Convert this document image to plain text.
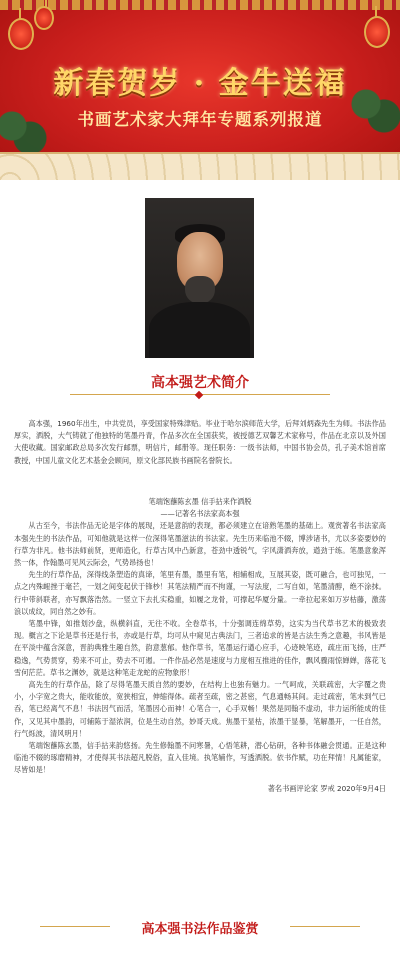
新春贺岁 · 金牛送福
书画艺术家大拜年专题系列报道
高本强艺术简介

高本强，1960年出生，中共党员，享受国家特殊津贴。毕业于哈尔滨师范大学，后拜刘炳森先生为师。书法作品厚实，洒脱，大气铸就了他独特的笔墨丹青，作品多次在全国获奖，被授德艺双馨艺术家称号，作品在北京以及外国大使收藏。国家邮政总局多次发行邮票，明信片，邮册等。现任职务：一级书法师，中国书协会员，孔子美术馆首席教授，中国儿童文化艺术基金会顾问，原文化部民族书画院名誉院长。

笔端饱蘸陈玄墨 信手拈来作洒脱

——记著名书法家高本强

从古至今，书法作品无论是字体的展现，还是意韵的表现，都必须建立在谙熟笔墨的基础上。观赏著名书法家高本强先生的书法作品，可知他就是这样一位深得笔墨滋法的书法家。先生历来临池不辍，博涉诸书，尤以多姿要妙的行草为非凡。他书法师前贤，更师造化，行草古风中凸新意，苍劲中透锐气，字风潇洒奔放，遒劲于练。笔墨意象浑然一体，作翰墨可见风云际会，气势昂扬也！

先生的行草作品，深得线条塑造的真谛，笔里有墨，墨里有笔，相辅相成，互展其姿，既可融合，也可独见，一点之内殊衄挫于毫芒，一划之间变起伏于锋杪！其笔法精严而不拘谨，一写法度，二写自如，笔墨清醇，绝不涂抹。行中带斜联者，亦写飘落浩然。一竖立下去扎实稳重，如履之龙骨，可撑起华厦分量。一牵拉起来如万岁枯藤，激荡浪以成纹，同自然之妙有。

笔墨中锋，如推划沙盘，纵横斜直，无往不收。全卷草书，十分强调连绵草势，这实为当代草书艺术的极致表现。概言之下论是草书还是行书，亦或是行草，均可从中窥见古典法门，三者追求的皆是古法生秀之意趣，书风皆是在平淡中蕴含深意，晋韵典雅生趣自然，韵意葱郁。他作草书，笔墨运行遒心应手，心迹映笔迹，疏庄而飞扬，庄严稳逸，气势贯穿，势来不可止，势去不可遏。一件作品必然是速度与力度相互推进的佳作，飘风骤雨惊婵婵，落花飞雪何茫茫。草书之渊妙，就是这种笔走龙蛇的应物象形！

高先生的行草作品，除了尽得笔墨天质自然的要妙，在结构上也独有魅力。一气呵成，关联疏密，大字覆之贵小，小字宽之贵大，能收能放，宽狭相宜，伸缩得体。疏者至疏，密之甚密，气息通畅其间。走过疏密，笔未到气已吞，笔已经离气不息！书法因气而活，笔墨因心而神！心笔合一，心手双畅！果然是同翰不虚动，非力运所能成的佳作，又见其中墨韵，可辅陈于湿浓润，位是生动自然，妙哥天成。焦墨干显枯，浓墨干显暴，笔解墨开，一任自然，行气烁波，清风明月！

笔端饱蘸陈玄墨，信手拈来韵悠扬。先生修翰墨不问寒暑，心悟笔耕，潜心钻研，各种书体融会贯通。正是这种临池不辍的琢磨精神，才使得其书法超凡脱俗，直入佳境。执笔辅作，写透洒脱。依书作赋，功在拜情！凡属能家，尽皆如是！

著名书画评论家 罗戒 2020年9月4日

高本强书法作品鉴赏
